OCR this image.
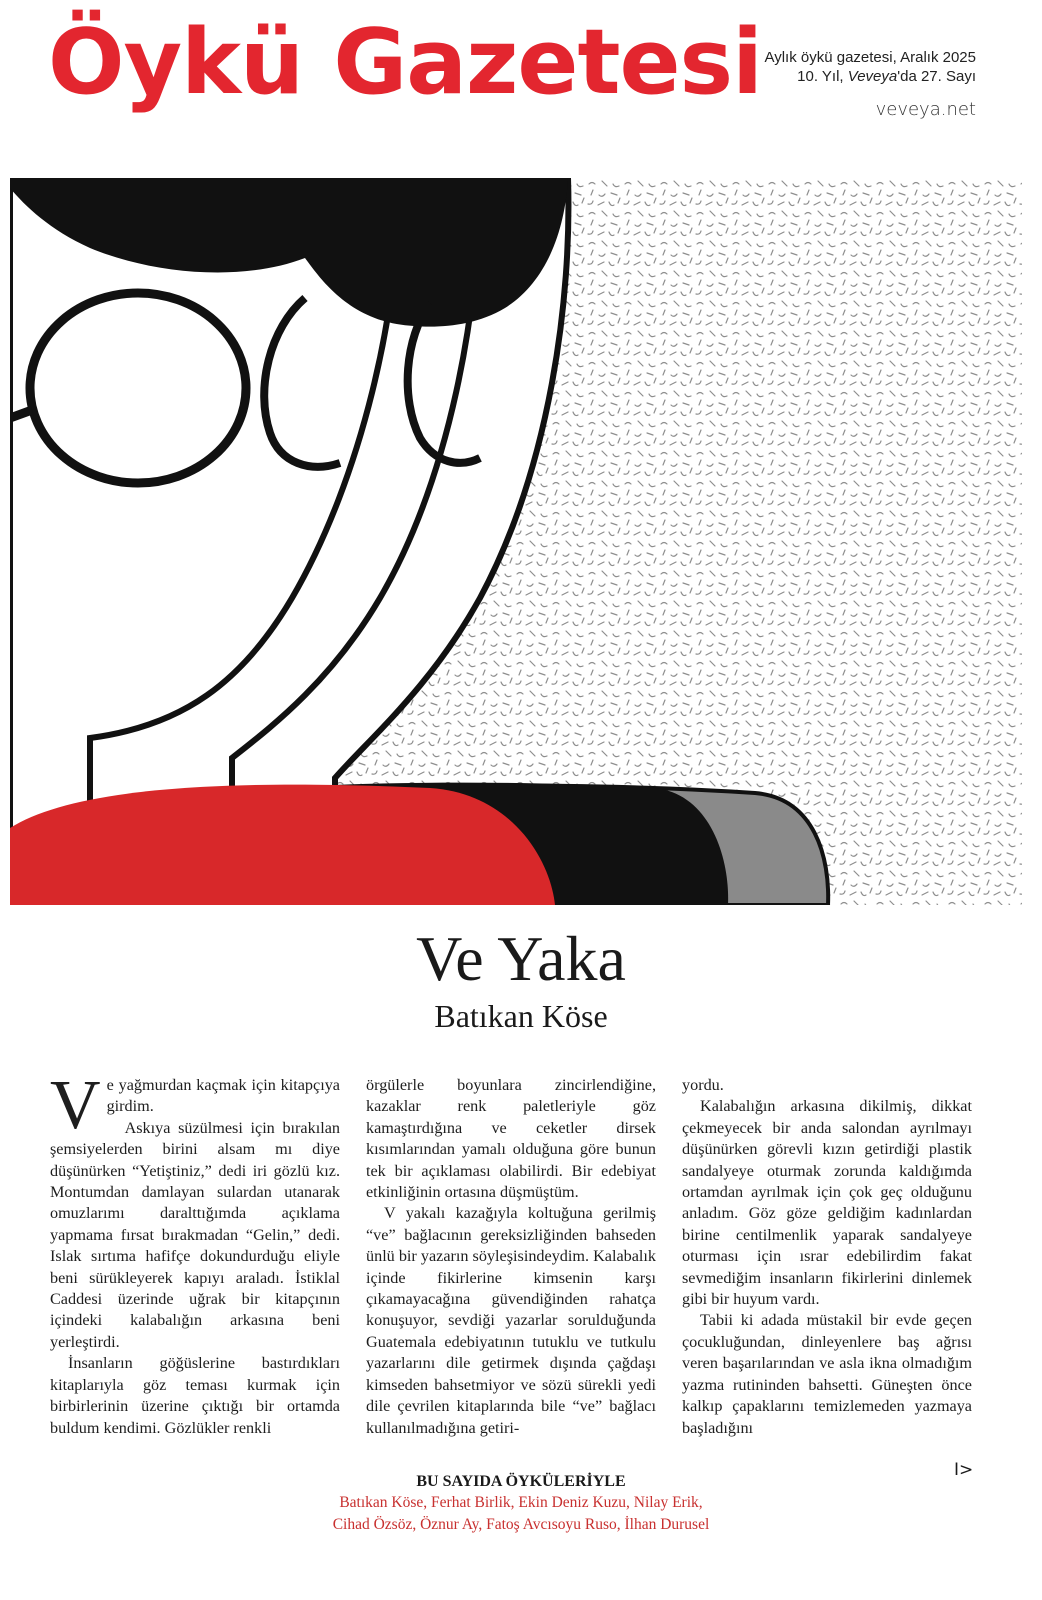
Öykü Gazetesi Aylık öykü gazetesi, Aralık 2025
10. Yıl, Veveya'da 27. Sayı
veveya.net
Ve Yaka
Batıkan Köse
V e yağmurdan kaçmak için kitapçıya girdim.

Askıya süzülmesi için bırakılan şemsiyelerden birini alsam mı diye düşünürken “Yetiştiniz,” dedi iri gözlü kız. Montumdan damlayan sulardan utanarak omuzlarımı daralttığımda açıklama yapmama fırsat bırakmadan “Gelin,” dedi. Islak sırtıma hafifçe dokundurduğu eliyle beni sürükleyerek kapıyı araladı. İstiklal Caddesi üzerinde uğrak bir kitapçının içindeki kalabalığın arkasına beni yerleştirdi.

İnsanların göğüslerine bastırdıkları kitaplarıyla göz teması kurmak için birbirlerinin üzerine çıktığı bir ortamda buldum kendimi. Gözlükler renkli

örgülerle boyunlara zincirlendiğine, kazaklar renk paletleriyle göz kamaştırdığına ve ceketler dirsek kısımlarından yamalı olduğuna göre bunun tek bir açıklaması olabilirdi. Bir edebiyat etkinliğinin ortasına düşmüştüm.

V yakalı kazağıyla koltuğuna gerilmiş “ve” bağlacının gereksizliğinden bahseden ünlü bir yazarın söyleşisindeydim. Kalabalık içinde fikirlerine kimsenin karşı çıkamayacağına güvendiğinden rahatça konuşuyor, sevdiği yazarlar sorulduğunda Guatemala edebiyatının tutuklu ve tutkulu yazarlarını dile getirmek dışında çağdaşı kimseden bahsetmiyor ve sözü sürekli yedi dile çevrilen kitaplarında bile “ve” bağlacı kullanılmadığına getiri-

yordu.

Kalabalığın arkasına dikilmiş, dikkat çekmeyecek bir anda salondan ayrılmayı düşünürken görevli kızın getirdiği plastik sandalyeye oturmak zorunda kaldığımda ortamdan ayrılmak için çok geç olduğunu anladım. Göz göze geldiğim kadınlardan birine centilmenlik yaparak sandalyeye oturması için ısrar edebilirdim fakat sevmediğim insanların fikirlerini dinlemek gibi bir huyum vardı.

Tabii ki adada müstakil bir evde geçen çocukluğundan, dinleyenlere baş ağrısı veren başarılarından ve asla ikna olmadığım yazma rutininden bahsetti. Güneşten önce kalkıp çapaklarını temizlemeden yazmaya başladığını

I>
BU SAYIDA ÖYKÜLERİYLE
Batıkan Köse, Ferhat Birlik, Ekin Deniz Kuzu, Nilay Erik,
Cihad Özsöz, Öznur Ay, Fatoş Avcısoyu Ruso, İlhan Durusel
